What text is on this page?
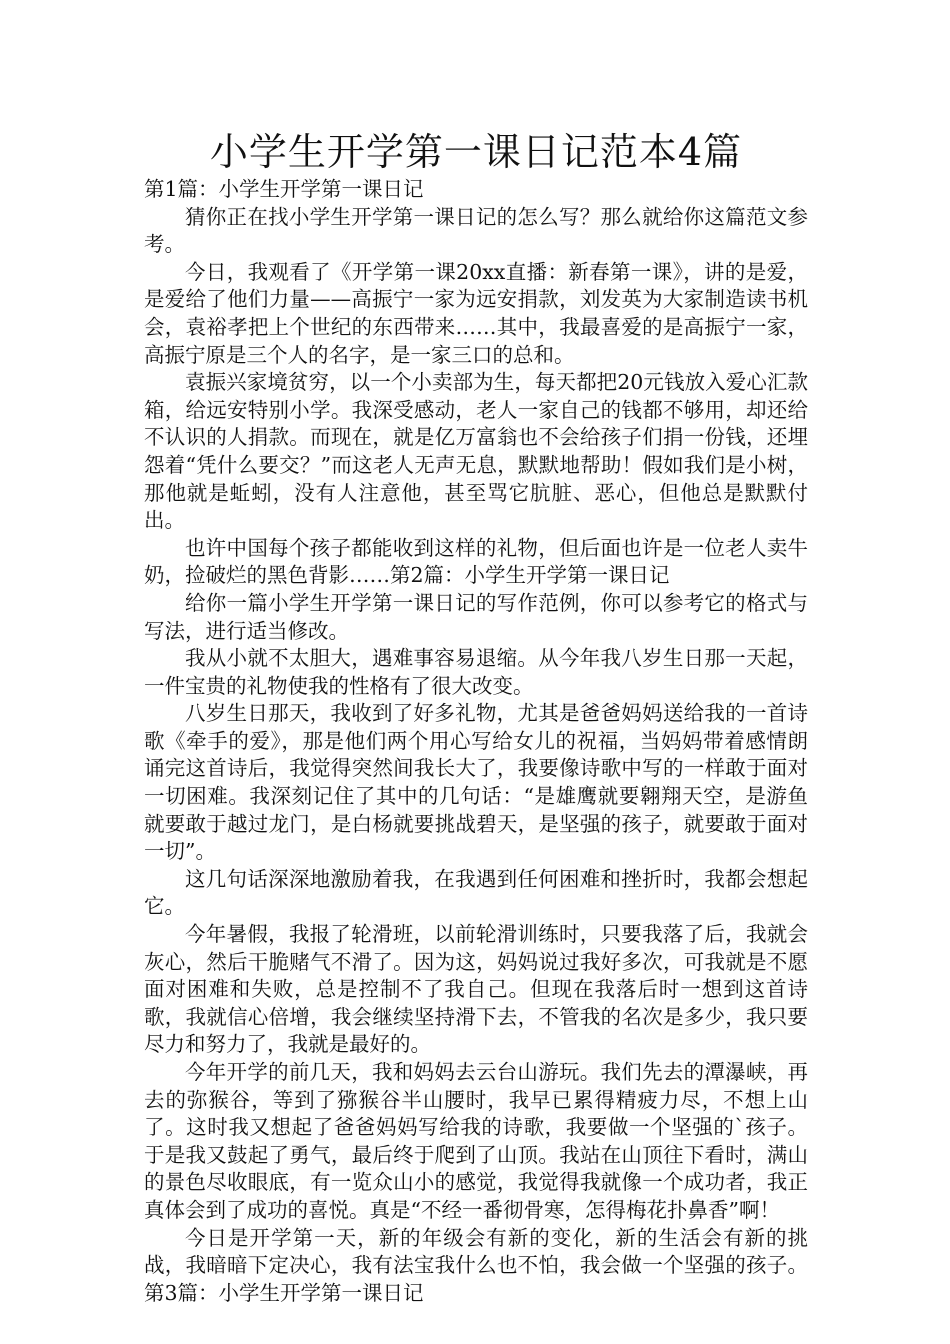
小学生开学第一课日记范本4篇

第1篇：小学生开学第一课日记

猜你正在找小学生开学第一课日记的怎么写？那么就给你这篇范文参考。

今日，我观看了《开学第一课20xx直播：新春第一课》，讲的是爱，是爱给了他们力量——高振宁一家为远安捐款，刘发英为大家制造读书机会，袁裕孝把上个世纪的东西带来……其中，我最喜爱的是高振宁一家，高振宁原是三个人的名字，是一家三口的总和。

袁振兴家境贫穷，以一个小卖部为生，每天都把20元钱放入爱心汇款箱，给远安特别小学。我深受感动，老人一家自己的钱都不够用，却还给不认识的人捐款。而现在，就是亿万富翁也不会给孩子们捐一份钱，还埋怨着“凭什么要交？”而这老人无声无息，默默地帮助！假如我们是小树，那他就是蚯蚓，没有人注意他，甚至骂它肮脏、恶心，但他总是默默付出。

也许中国每个孩子都能收到这样的礼物，但后面也许是一位老人卖牛奶，捡破烂的黑色背影……第2篇：小学生开学第一课日记

给你一篇小学生开学第一课日记的写作范例，你可以参考它的格式与写法，进行适当修改。

我从小就不太胆大，遇难事容易退缩。从今年我八岁生日那一天起，一件宝贵的礼物使我的性格有了很大改变。

八岁生日那天，我收到了好多礼物，尤其是爸爸妈妈送给我的一首诗歌《牵手的爱》，那是他们两个用心写给女儿的祝福，当妈妈带着感情朗诵完这首诗后，我觉得突然间我长大了，我要像诗歌中写的一样敢于面对一切困难。我深刻记住了其中的几句话：“是雄鹰就要翱翔天空，是游鱼就要敢于越过龙门，是白杨就要挑战碧天，是坚强的孩子，就要敢于面对一切”。

这几句话深深地激励着我，在我遇到任何困难和挫折时，我都会想起它。

今年暑假，我报了轮滑班，以前轮滑训练时，只要我落了后，我就会灰心，然后干脆赌气不滑了。因为这，妈妈说过我好多次，可我就是不愿面对困难和失败，总是控制不了我自己。但现在我落后时一想到这首诗歌，我就信心倍增，我会继续坚持滑下去，不管我的名次是多少，我只要尽力和努力了，我就是最好的。

今年开学的前几天，我和妈妈去云台山游玩。我们先去的潭瀑峡，再去的弥猴谷，等到了猕猴谷半山腰时，我早已累得精疲力尽，不想上山了。这时我又想起了爸爸妈妈写给我的诗歌，我要做一个坚强的`孩子。于是我又鼓起了勇气，最后终于爬到了山顶。我站在山顶往下看时，满山的景色尽收眼底，有一览众山小的感觉，我觉得我就像一个成功者，我正真体会到了成功的喜悦。真是“不经一番彻骨寒，怎得梅花扑鼻香”啊！

今日是开学第一天，新的年级会有新的变化，新的生活会有新的挑战，我暗暗下定决心，我有法宝我什么也不怕，我会做一个坚强的孩子。第3篇：小学生开学第一课日记
